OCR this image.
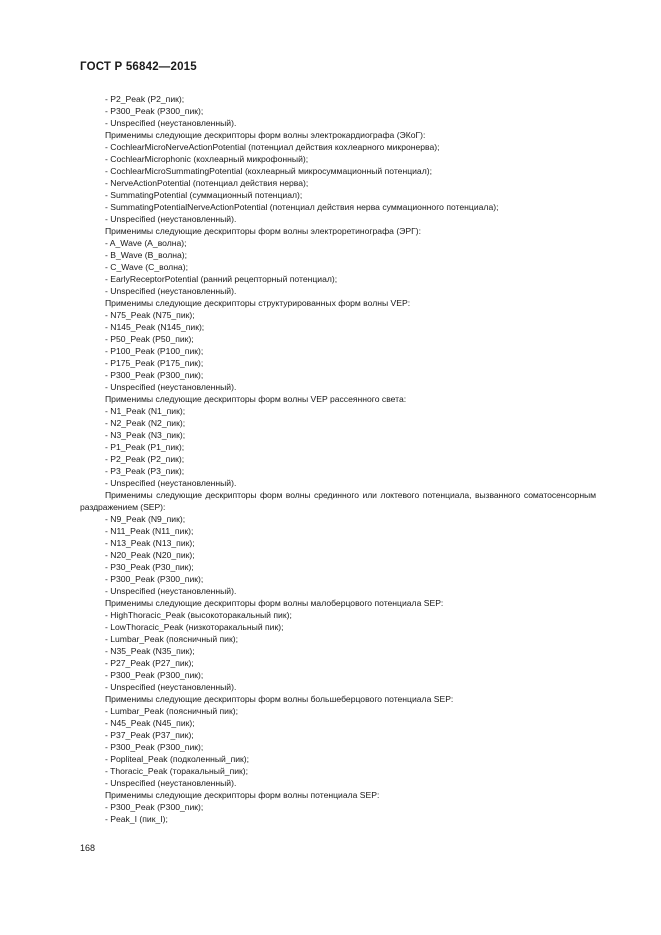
ГОСТ Р 56842—2015

- P2_Peak (P2_пик);

- P300_Peak (P300_пик);

- Unspecified (неустановленный).

Применимы следующие дескрипторы форм волны электрокардиографа (ЭКоГ):

- CochlearMicroNerveActionPotential (потенциал действия кохлеарного микронерва);

- CochlearMicrophonic (кохлеарный микрофонный);

- CochlearMicroSummatingPotential (кохлеарный микросуммационный потенциал);

- NerveActionPotential (потенциал действия нерва);

- SummatingPotential (суммационный потенциал);

- SummatingPotentialNerveActionPotential (потенциал действия нерва суммационного потенциала);

- Unspecified (неустановленный).

Применимы следующие дескрипторы форм волны электроретинографа (ЭРГ):

- A_Wave (A_волна);

- B_Wave (B_волна);

- C_Wave (C_волна);

- EarlyReceptorPotential (ранний рецепторный потенциал);

- Unspecified (неустановленный).

Применимы следующие дескрипторы структурированных форм волны VEP:

- N75_Peak (N75_пик);

- N145_Peak (N145_пик);

- P50_Peak (P50_пик);

- P100_Peak (P100_пик);

- P175_Peak (P175_пик);

- P300_Peak (P300_пик);

- Unspecified (неустановленный).

Применимы следующие дескрипторы форм волны VEP рассеянного света:

- N1_Peak (N1_пик);

- N2_Peak (N2_пик);

- N3_Peak (N3_пик);

- P1_Peak (P1_пик);

- P2_Peak (P2_пик);

- P3_Peak (P3_пик);

- Unspecified (неустановленный).

Применимы следующие дескрипторы форм волны срединного или локтевого потенциала, вызванного соматосенсорным раздражением (SEP):

- N9_Peak (N9_пик);

- N11_Peak (N11_пик);

- N13_Peak (N13_пик);

- N20_Peak (N20_пик);

- P30_Peak (P30_пик);

- P300_Peak (P300_пик);

- Unspecified (неустановленный).

Применимы следующие дескрипторы форм волны малоберцового потенциала SEP:

- HighThoracic_Peak (высокоторакальный пик);

- LowThoracic_Peak (низкоторакальный пик);

- Lumbar_Peak (поясничный пик);

- N35_Peak (N35_пик);

- P27_Peak (P27_пик);

- P300_Peak (P300_пик);

- Unspecified (неустановленный).

Применимы следующие дескрипторы форм волны большеберцового потенциала SEP:

- Lumbar_Peak (поясничный пик);

- N45_Peak (N45_пик);

- P37_Peak (P37_пик);

- P300_Peak (P300_пик);

- Popliteal_Peak (подколенный_пик);

- Thoracic_Peak (торакальный_пик);

- Unspecified (неустановленный).

Применимы следующие дескрипторы форм волны потенциала SEP:

- P300_Peak (P300_пик);

- Peak_I (пик_I);

168
